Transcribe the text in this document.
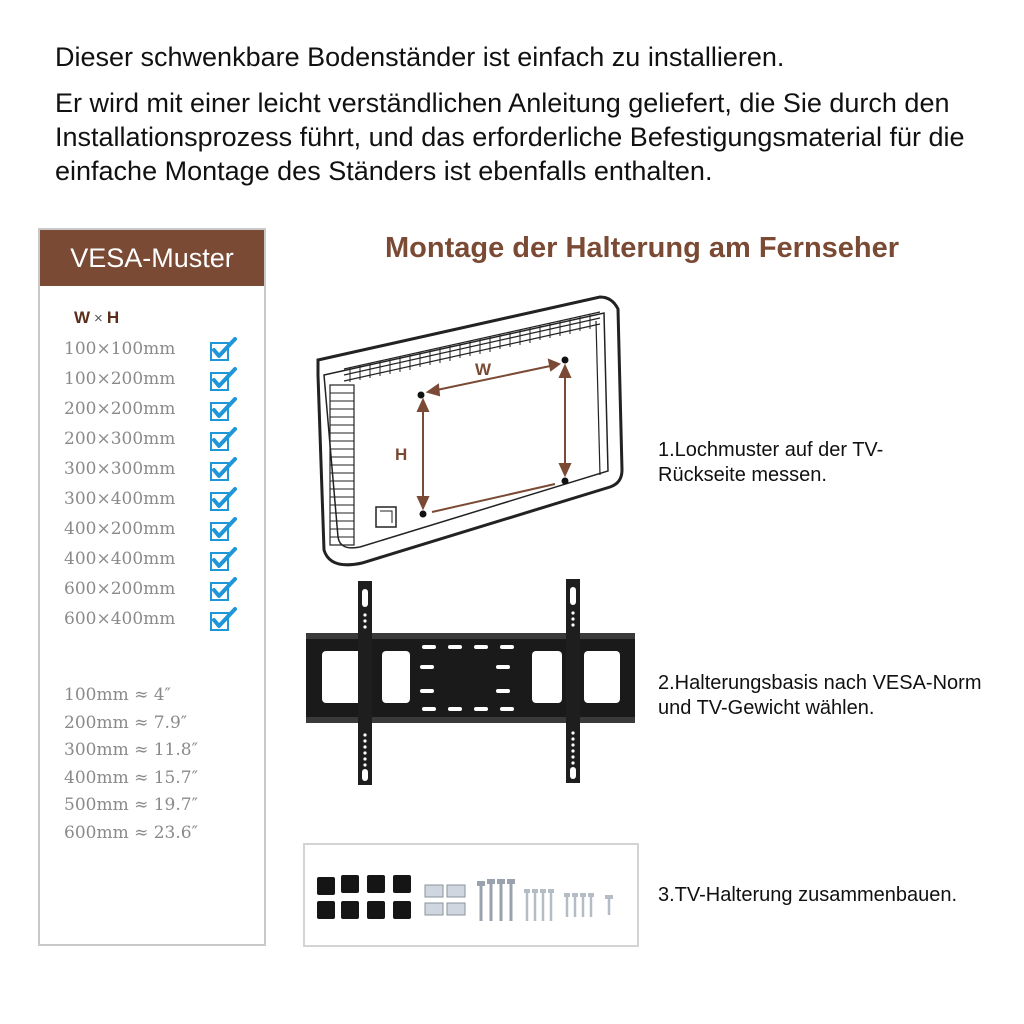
Dieser schwenkbare Bodenständer ist einfach zu installieren.

Er wird mit einer leicht verständlichen Anleitung geliefert, die Sie durch den Installationsprozess führt, und das erforderliche Befestigungsmaterial für die einfache Montage des Ständers ist ebenfalls enthalten.

VESA-Muster
W × H
100×100mm
100×200mm
200×200mm
200×300mm
300×300mm
300×400mm
400×200mm
400×400mm
600×200mm
600×400mm
100mm ≈ 4″
200mm ≈ 7.9″
300mm ≈ 11.8″
400mm ≈ 15.7″
500mm ≈ 19.7″
600mm ≈ 23.6″
Montage der Halterung am Fernseher
W
H	1.Lochmuster auf der TV-Rückseite messen.
2.Halterungsbasis nach VESA-Norm und TV-Gewicht wählen.
3.TV-Halterung zusammenbauen.
